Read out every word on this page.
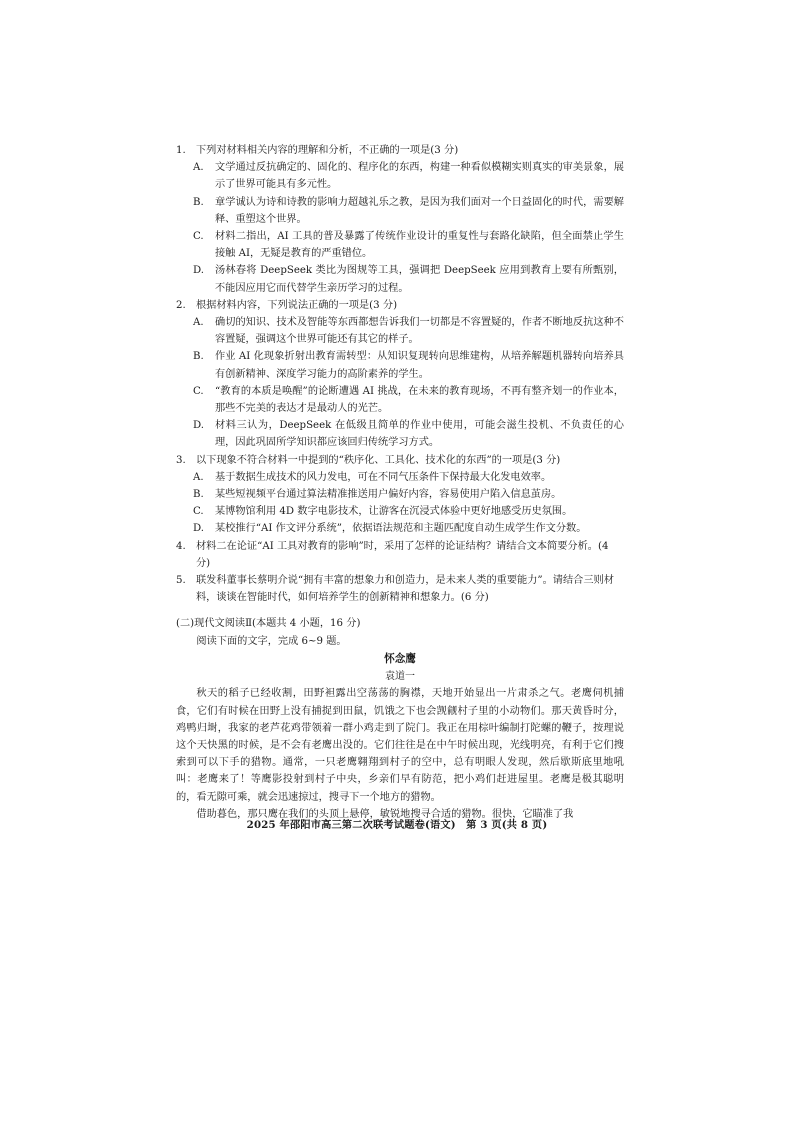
1.	下列对材料相关内容的理解和分析，不正确的一项是(3 分)
A.	文学通过反抗确定的、固化的、程序化的东西，构建一种看似模糊实则真实的审美景象，展示了世界可能具有多元性。
B.	章学诚认为诗和诗教的影响力超越礼乐之教，是因为我们面对一个日益固化的时代，需要解释、重塑这个世界。
C.	材料二指出，AI 工具的普及暴露了传统作业设计的重复性与套路化缺陷，但全面禁止学生接触 AI，无疑是教育的严重错位。
D.	汤林春将 DeepSeek 类比为图规等工具，强调把 DeepSeek 应用到教育上要有所甄别，不能因应用它而代替学生亲历学习的过程。
2.	根据材料内容，下列说法正确的一项是(3 分)
A.	确切的知识、技术及智能等东西都想告诉我们一切都是不容置疑的，作者不断地反抗这种不容置疑，强调这个世界可能还有其它的样子。
B.	作业 AI 化现象折射出教育需转型：从知识复现转向思维建构，从培养解题机器转向培养具有创新精神、深度学习能力的高阶素养的学生。
C.	“教育的本质是唤醒”的论断遭遇 AI 挑战，在未来的教育现场，不再有整齐划一的作业本，那些不完美的表达才是最动人的光芒。
D.	材料三认为，DeepSeek 在低级且简单的作业中使用，可能会滋生投机、不负责任的心理，因此巩固所学知识都应该回归传统学习方式。
3.	以下现象不符合材料一中提到的“秩序化、工具化、技术化的东西”的一项是(3 分)
A.	基于数据生成技术的风力发电，可在不同气压条件下保持最大化发电效率。
B.	某些短视频平台通过算法精准推送用户偏好内容，容易使用户陷入信息茧房。
C.	某博物馆利用 4D 数字电影技术，让游客在沉浸式体验中更好地感受历史氛围。
D.	某校推行“AI 作文评分系统”，依据语法规范和主题匹配度自动生成学生作文分数。
4.	材料二在论证“AI 工具对教育的影响”时，采用了怎样的论证结构？请结合文本简要分析。(4 分)
5.	联发科董事长蔡明介说“拥有丰富的想象力和创造力，是未来人类的重要能力”。请结合三则材料，谈谈在智能时代，如何培养学生的创新精神和想象力。(6 分)
(二)现代文阅读Ⅱ(本题共 4 小题，16 分)
阅读下面的文字，完成 6~9 题。
怀念鹰
袁道一

秋天的稻子已经收割，田野袒露出空荡荡的胸襟，天地开始显出一片肃杀之气。老鹰伺机捕食，它们有时候在田野上没有捕捉到田鼠，饥饿之下也会觊觎村子里的小动物们。那天黄昏时分，鸡鸭归埘，我家的老芦花鸡带领着一群小鸡走到了院门。我正在用棕叶编制打陀螺的鞭子，按理说这个天快黑的时候，是不会有老鹰出没的。它们往往是在中午时候出现，光线明亮，有利于它们搜索到可以下手的猎物。通常，一只老鹰翱翔到村子的空中，总有明眼人发现，然后歇斯底里地吼叫：老鹰来了！等鹰影投射到村子中央，乡亲们早有防范，把小鸡们赶进屋里。老鹰是极其聪明的，看无隙可乘，就会迅速掠过，搜寻下一个地方的猎物。

借助暮色，那只鹰在我们的头顶上悬停，敏锐地搜寻合适的猎物。很快，它瞄准了我

2025 年邵阳市高三第二次联考试题卷(语文)　第 3 页(共 8 页)
